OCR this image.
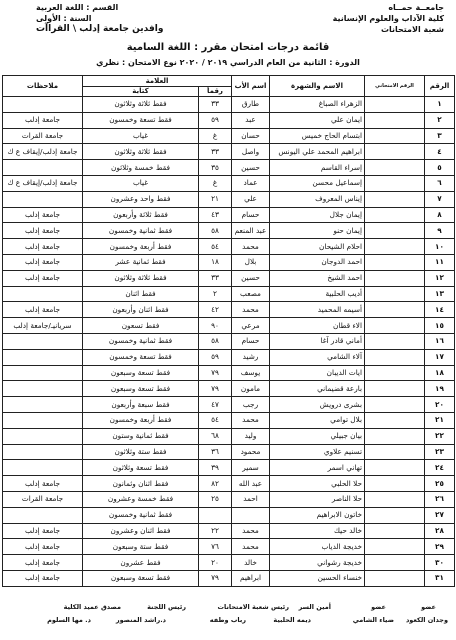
جامعــة حمــاه
كلية الآداب والعلوم الإنسانية
شعبة الامتحانات
القسم : اللغة العربية
السنة : الأولى
وافدين جامعة إدلب \ القراآت
قائمة درجات امتحان مقرر : اللغة السامية
الدورة : الثانية من العام الدراسي ٢٠١٩ / ٢٠٢٠ نوع الامتحان : نظري
الرقم	الرقم الامتحاني	الاسم والشهرة	اسم الأب	العلامة		ملاحظات
				رقماً	كتابة	
١		الزهراء الصباغ	طارق	٣٣	فقط ثلاثة وثلاثون	
٢		ايمان علي	عبد	٥٩	فقط تسعة وخمسون	جامعة إدلب
٣		ابتسام الحاج خميس	حسان	غ	غياب	جامعة القرات
٤		ابراهيم المحمد علي اليونس	واصل	٣٣	فقط ثلاثة وثلاثون	جامعة إدلب/إيقاف ع ك
٥		إسراء القاسم	حسين	٣٥	فقط خمسة وثلاثون	
٦		إسماعيل محسن	عماد	غ	غياب	جامعة إدلب/إيقاف ع ك
٧		إيناس المعروف	علي	٢١	فقط واحد وعشرون	
٨		إيمان جلال	حسام	٤٣	فقط ثلاثة وأربعون	جامعة إدلب
٩		إيمان حنو	عبد المنعم	٥٨	فقط ثمانية وخمسون	جامعة إدلب
١٠		احلام الشيحان	محمد	٥٤	فقط أربعة وخمسون	جامعة إدلب
١١		احمد الدوجان	بلال	١٨	فقط ثمانية عشر	جامعة إدلب
١٢		احمد الشيخ	حسين	٣٣	فقط ثلاثة وثلاثون	جامعة إدلب
١٣		أديب الحلبية	مصعب	٢	فقط اثنان	
١٤		أسيمه المحميد	محمد	٤٢	فقط اثنان وأربعون	جامعة إدلب
١٥		الاء قطان	مرعي	٩٠	فقط تسعون	سريانيـ/جامعة إدلب
١٦		أماني قادر آغا	حسام	٥٨	فقط ثمانية وخمسون	
١٧		آلاء الشامي	رشيد	٥٩	فقط تسعة وخمسون	
١٨		ايات الديبان	يوسف	٧٩	فقط تسعة وسبعون	
١٩		بارعة قضيماني	مامون	٧٩	فقط تسعة وسبعون	
٢٠		بشرى درويش	رجب	٤٧	فقط سبعة وأربعون	
٢١		بلال توامي	محمد	٥٤	فقط أربعة وخمسون	
٢٢		بيان جبيلي	وليد	٦٨	فقط ثمانية وستون	
٢٣		تسنيم علاوي	محمود	٣٦	فقط ستة وثلاثون	
٢٤		تهاني اسمر	سمير	٣٩	فقط تسعة وثلاثون	
٢٥		حلا الحلبي	عبد الله	٨٢	فقط اثنان وثمانون	جامعة إدلب
٢٦		حلا الناصر	احمد	٢٥	فقط خمسة وعشرون	جامعة القرات
٢٧		خاتون الابراهيم			فقط ثمانية وخمسون	
٢٨		خالد حيك	محمد	٢٢	فقط اثنان وعشرون	جامعة إدلب
٢٩		خديجة الدياب	محمد	٧٦	فقط ستة وسبعون	جامعة إدلب
٣٠		خديجة رشواني	خالد	٢٠	فقط عشرون	جامعة إدلب
٣١		خنساء الحسين	ابراهيم	٧٩	فقط تسعة وسبعون	جامعة إدلب
عضو
عضو
أمين السر
رئيس شعبة الامتحانات
رئيس اللجنة
مصدق عميد الكلية
وجدان الكعود
ضياء الشامي
ديمه الحلبية
رباب وطفه
د.راشد المنصور
د. مها السلوم
